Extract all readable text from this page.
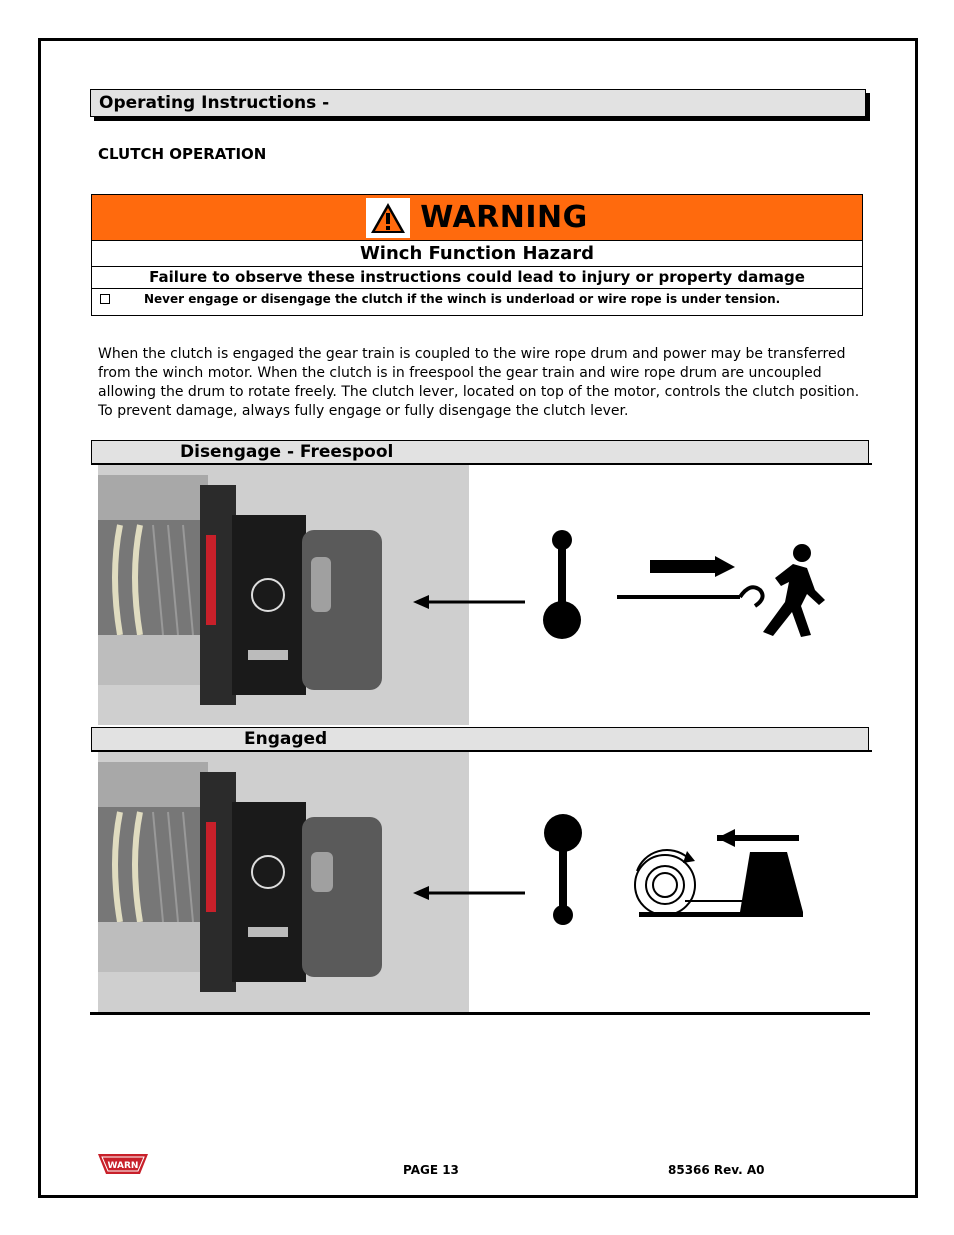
Operating Instructions -
CLUTCH OPERATION
WARNING
Winch Function Hazard
Failure to observe these instructions could lead to injury or property damage
Never engage or disengage the clutch if the winch is underload or wire rope is under tension.
When the clutch is engaged the gear train is coupled to the wire rope drum and power may be transferred from the winch motor. When the clutch is in freespool the gear train and wire rope drum are uncoupled allowing the drum to rotate freely. The clutch lever, located on top of the motor, controls the clutch position. To prevent damage, always fully engage or fully disengage the clutch lever.
Disengage - Freespool
Engaged
WARN	PAGE 13	85366 Rev. A0
